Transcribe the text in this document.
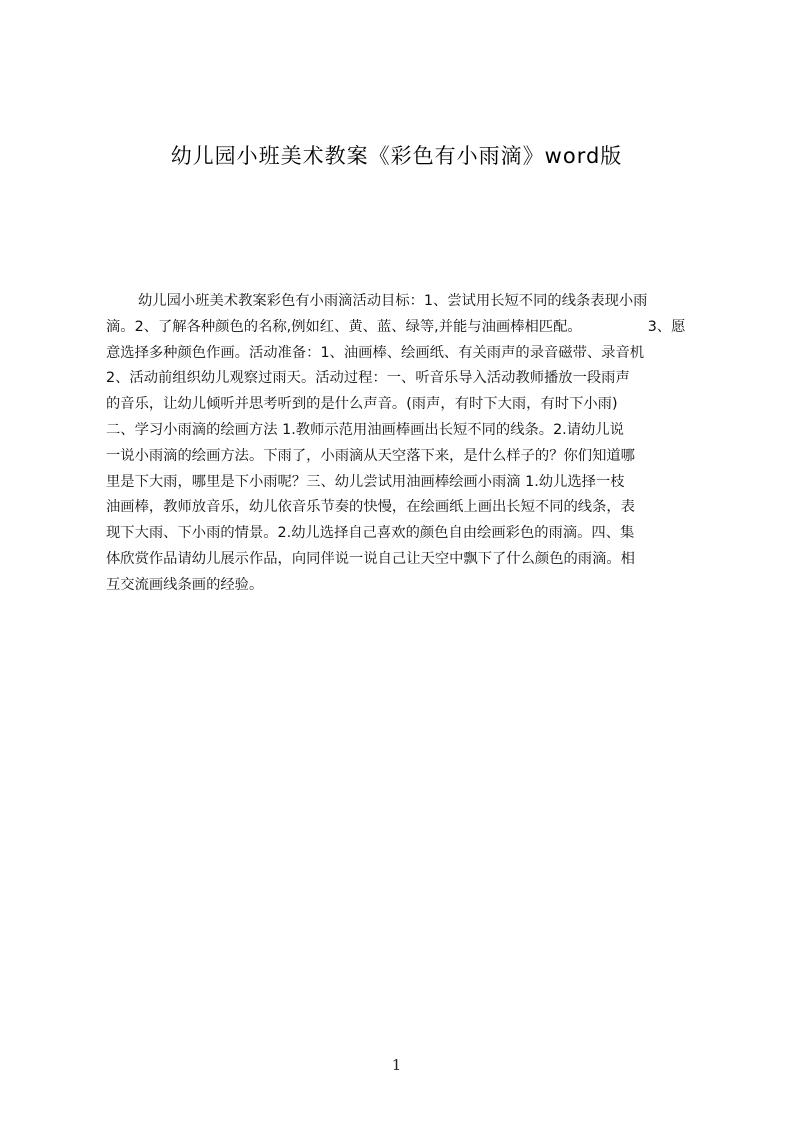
幼儿园小班美术教案《彩色有小雨滴》word版
幼儿园小班美术教案彩色有小雨滴活动目标：1、尝试用长短不同的线条表现小雨
滴。2、了解各种颜色的名称,例如红、黄、蓝、绿等,并能与油画棒相匹配。	3、愿
意选择多种颜色作画。活动准备：1、油画棒、绘画纸、有关雨声的录音磁带、录音机
2、活动前组织幼儿观察过雨天。活动过程：一、听音乐导入活动教师播放一段雨声
的音乐，让幼儿倾听并思考听到的是什么声音。(雨声，有时下大雨，有时下小雨)
二、学习小雨滴的绘画方法 1.教师示范用油画棒画出长短不同的线条。2.请幼儿说
一说小雨滴的绘画方法。下雨了，小雨滴从天空落下来，是什么样子的？你们知道哪
里是下大雨，哪里是下小雨呢？三、幼儿尝试用油画棒绘画小雨滴 1.幼儿选择一枝
油画棒，教师放音乐，幼儿依音乐节奏的快慢，在绘画纸上画出长短不同的线条，表
现下大雨、下小雨的情景。2.幼儿选择自己喜欢的颜色自由绘画彩色的雨滴。四、集
体欣赏作品请幼儿展示作品，向同伴说一说自己让天空中飘下了什么颜色的雨滴。相
互交流画线条画的经验。
1
